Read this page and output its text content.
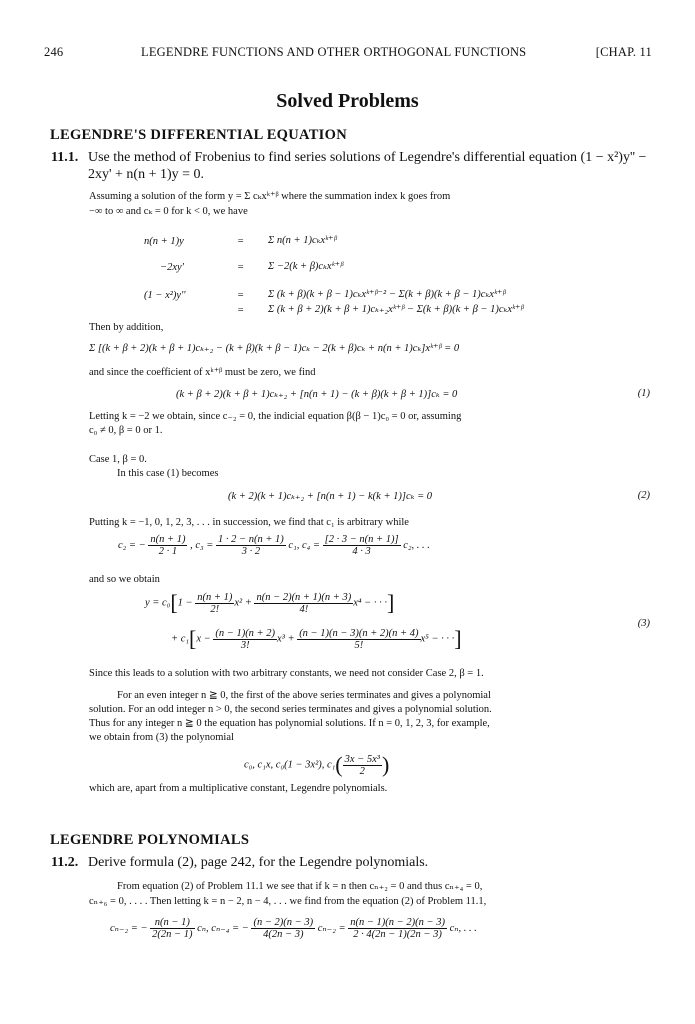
246	LEGENDRE FUNCTIONS AND OTHER ORTHOGONAL FUNCTIONS	[CHAP. 11
Solved Problems
LEGENDRE'S DIFFERENTIAL EQUATION
11.1. Use the method of Frobenius to find series solutions of Legendre's differential equation (1 − x²)y'' − 2xy' + n(n + 1)y = 0.
Assuming a solution of the form y = Σ cₖxᵏ⁺ᵝ where the summation index k goes from
−∞ to ∞ and cₖ = 0 for k < 0, we have
n(n + 1)y	= Σ n(n + 1)cₖxᵏ⁺ᵝ
−2xy'	= Σ −2(k + β)cₖxᵏ⁺ᵝ
(1 − x²)y''	= Σ (k + β)(k + β − 1)cₖxᵏ⁺ᵝ⁻² − Σ(k + β)(k + β − 1)cₖxᵏ⁺ᵝ
= Σ (k + β + 2)(k + β + 1)cₖ₊₂xᵏ⁺ᵝ − Σ(k + β)(k + β − 1)cₖxᵏ⁺ᵝ
Then by addition,
Σ [(k + β + 2)(k + β + 1)cₖ₊₂ − (k + β)(k + β − 1)cₖ − 2(k + β)cₖ + n(n + 1)cₖ]xᵏ⁺ᵝ = 0
and since the coefficient of xᵏ⁺ᵝ must be zero, we find
(k + β + 2)(k + β + 1)cₖ₊₂ + [n(n + 1) − (k + β)(k + β + 1)]cₖ = 0	(1)
Letting k = −2 we obtain, since c₋₂ = 0, the indicial equation β(β − 1)c₀ = 0 or, assuming
c₀ ≠ 0, β = 0 or 1.
Case 1, β = 0.
In this case (1) becomes
(k + 2)(k + 1)cₖ₊₂ + [n(n + 1) − k(k + 1)]cₖ = 0	(2)
Putting k = −1, 0, 1, 2, 3, . . . in succession, we find that c₁ is arbitrary while
c₂ = − $\frac{n(n + 1)}{2 \cdot 1}$ , $c_3 = \frac{1 \cdot 2 - n(n + 1)}{3 \cdot 2} c_1$, $c_4 = \frac{[2 \cdot 3 - n(n + 1)]}{4 \cdot 3} c_2$, . . .
and so we obtain
$y = c_0[1 - \frac{n(n + 1)}{2!} x^2 + \frac{n(n - 2)(n + 1)(n + 3)}{4!} x^4$ − · · ·]
+ $c_1[x - \frac{(n - 1)(n + 2)}{3!} x^3 + \frac{(n - 1)(n - 3)(n + 2)(n + 4)}{5!} x^5$ − · · ·]
(3)
Since this leads to a solution with two arbitrary constants, we need not consider Case 2, β = 1.
For an even integer n ≧ 0, the first of the above series terminates and gives a polynomial
solution. For an odd integer n > 0, the second series terminates and gives a polynomial solution.
Thus for any integer n ≧ 0 the equation has polynomial solutions. If n = 0, 1, 2, 3, for example,
we obtain from (3) the polynomial
c₀, c₁x, c₀(1 − 3x²), $c_1( \frac{\text{3x − 5x³}}{2}$ )
which are, apart from a multiplicative constant, Legendre polynomials.
LEGENDRE POLYNOMIALS
11.2. Derive formula (2), page 242, for the Legendre polynomials.
From equation (2) of Problem 11.1 we see that if k = n then cₙ₊₂ = 0 and thus cₙ₊₄ = 0,
cₙ₊₆ = 0, . . . . Then letting k = n − 2, n − 4, . . . we find from the equation (2) of Problem 11.1,
cₙ₋₂ = − $\frac{n(n - 1)}{2(2n - 1)} c_n$, cₙ₋₄ = − $\frac{(n - 2)(n - 3)}{4(2n - 3)} c_{n-2} = \frac{n(n - 1)(n - 2)(n - 3)}{2 \cdot 4(2n - 1)(2n - 3)} c_n$, . . .
